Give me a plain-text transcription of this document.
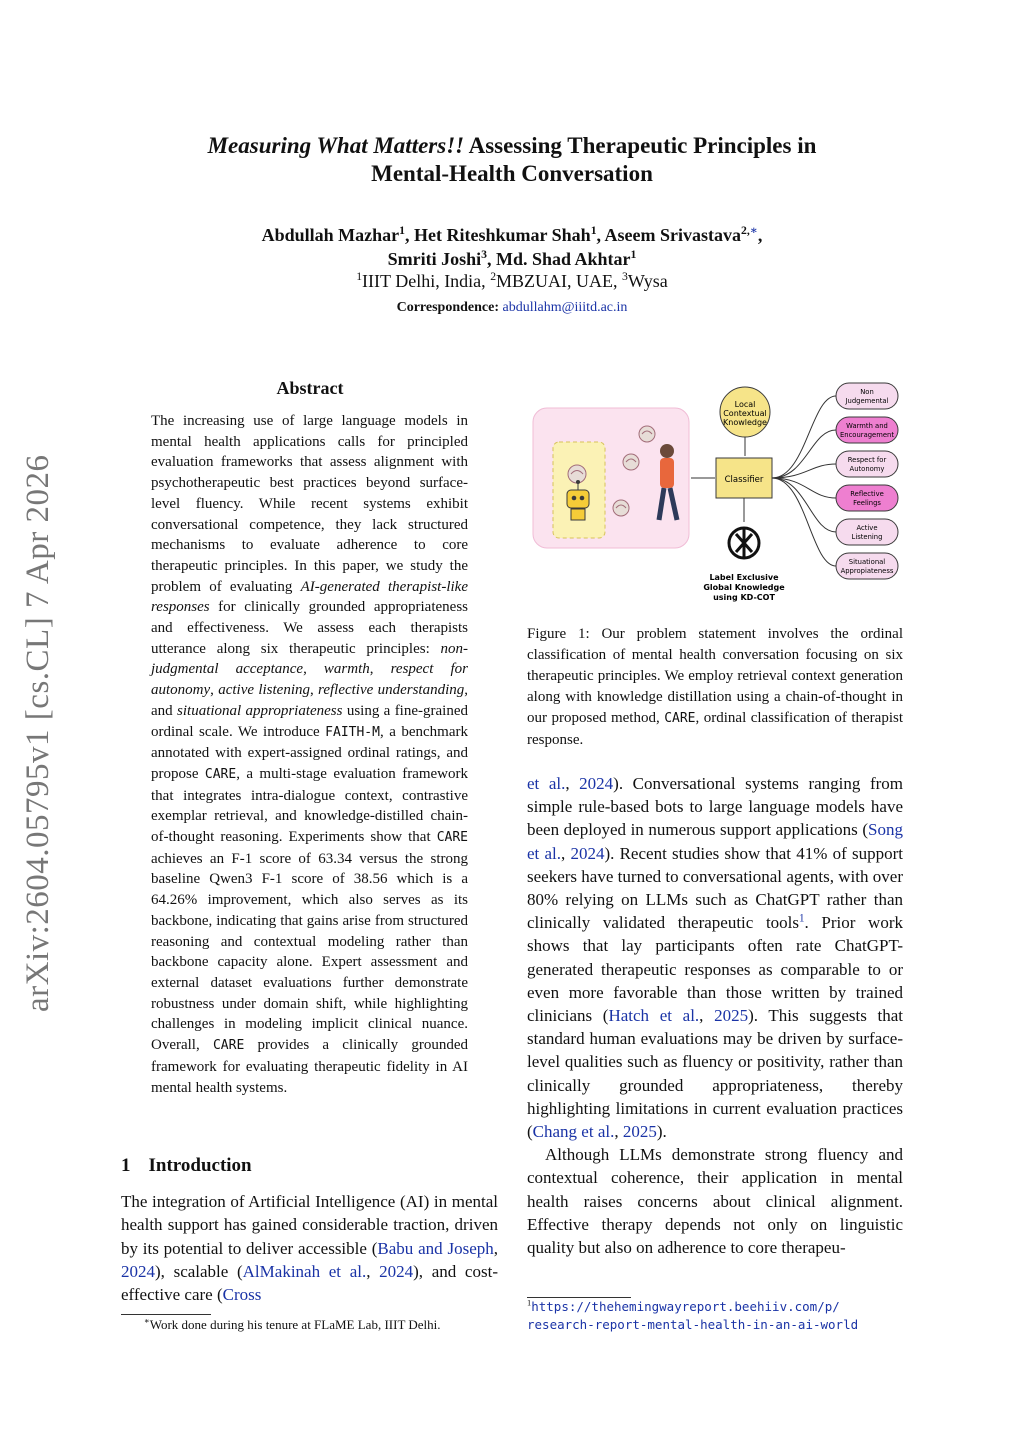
arXiv:2604.05795v1 [cs.CL] 7 Apr 2026
Measuring What Matters!! Assessing Therapeutic Principles in
Mental-Health Conversation
Abdullah Mazhar$^1$, Het Riteshkumar Shah$^1$, Aseem Srivastava$^{2,∗}$,
Smriti Joshi$^3$, Md. Shad Akhtar$^1$
$^1$IIIT Delhi, India, $^2$MBZUAI, UAE, $^3$Wysa
Correspondence: abdullahm@iiitd.ac.in
Abstract
The increasing use of large language models in mental health applications calls for principled evaluation frameworks that assess alignment with psychotherapeutic best practices beyond surface-level fluency. While recent systems exhibit conversational competence, they lack structured mechanisms to evaluate adherence to core therapeutic principles. In this paper, we study the problem of evaluating AI-generated therapist-like responses for clinically grounded appropriateness and effectiveness. We assess each therapists utterance along six therapeutic principles: non-judgmental acceptance, warmth, respect for autonomy, active listening, reflective understanding, and situational appropriateness using a fine-grained ordinal scale. We introduce FAITH-M, a benchmark annotated with expert-assigned ordinal ratings, and propose CARE, a multi-stage evaluation framework that integrates intra-dialogue context, contrastive exemplar retrieval, and knowledge-distilled chain-of-thought reasoning. Experiments show that CARE achieves an F-1 score of 63.34 versus the strong baseline Qwen3 F-1 score of 38.56 which is a 64.26% improvement, which also serves as its backbone, indicating that gains arise from structured reasoning and contextual modeling rather than backbone capacity alone. Expert assessment and external dataset evaluations further demonstrate robustness under domain shift, while highlighting challenges in modeling implicit clinical nuance. Overall, CARE provides a clinically grounded framework for evaluating therapeutic fidelity in AI mental health systems.
1 Introduction
The integration of Artificial Intelligence (AI) in mental health support has gained considerable traction, driven by its potential to deliver accessible (Babu and Joseph, 2024), scalable (AlMakinah et al., 2024), and cost-effective care (Cross
∗Work done during his tenure at FLaME Lab, IIIT Delhi.
Local
Contextual
Knowledge
Classifier
Label Exclusive
Global Knowledge
using KD-COT
Non
Judgemental
Warmth and
Encouragement
Respect for
Autonomy
Reflective
Feelings
Active
Listening
Situational
Appropiateness
Figure 1: Our problem statement involves the ordinal classification of mental health conversation focusing on six therapeutic principles. We employ retrieval context generation along with knowledge distillation using a chain-of-thought in our proposed method, CARE, ordinal classification of therapist response.

et al., 2024). Conversational systems ranging from simple rule-based bots to large language models have been deployed in numerous support applications (Song et al., 2024). Recent studies show that 41% of support seekers have turned to conversational agents, with over 80% relying on LLMs such as ChatGPT rather than clinically validated therapeutic tools$^1$. Prior work shows that lay participants often rate ChatGPT-generated therapeutic responses as comparable to or even more favorable than those written by trained clinicians (Hatch et al., 2025). This suggests that standard human evaluations may be driven by surface-level qualities such as fluency or positivity, rather than clinically grounded appropriateness, thereby highlighting limitations in current evaluation practices (Chang et al., 2025).

Although LLMs demonstrate strong fluency and contextual coherence, their application in mental health raises concerns about clinical alignment. Effective therapy depends not only on linguistic quality but also on adherence to core therapeu-

$^1$https://thehemingwayreport.beehiiv.com/p/
research-report-mental-health-in-an-ai-world
